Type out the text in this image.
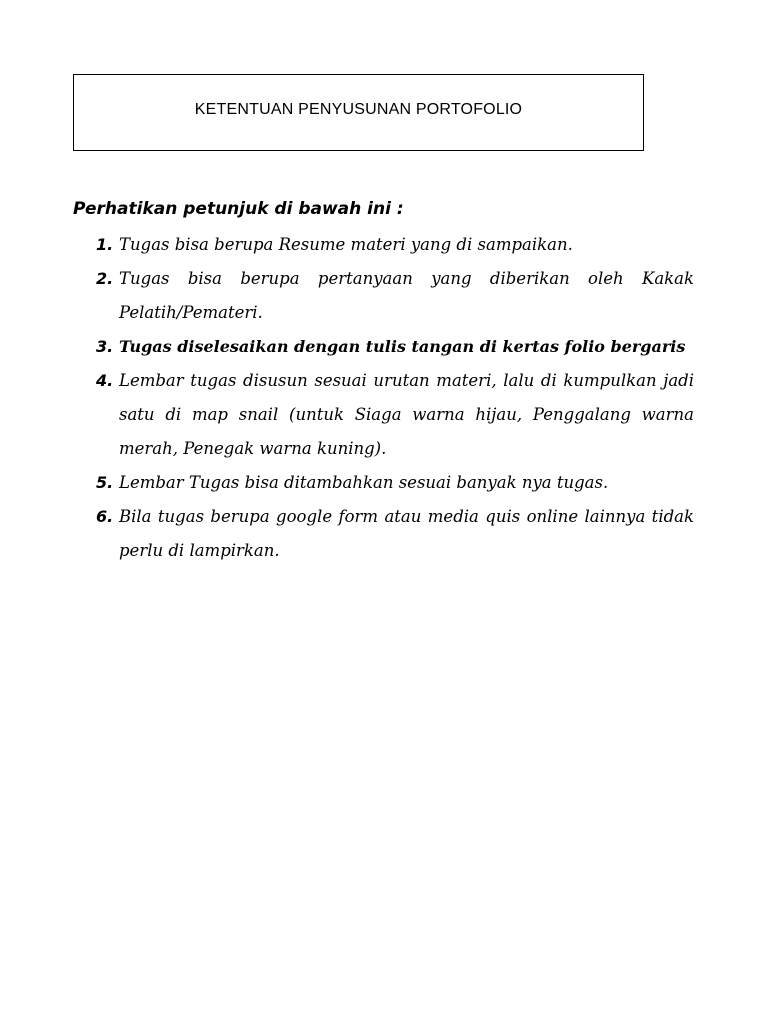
KETENTUAN PENYUSUNAN PORTOFOLIO
Perhatikan petunjuk di bawah ini :
1. Tugas bisa berupa Resume materi yang di sampaikan.
2. Tugas bisa berupa pertanyaan yang diberikan oleh Kakak Pelatih/Pemateri.
3. Tugas diselesaikan dengan tulis tangan di kertas folio bergaris
4. Lembar tugas disusun sesuai urutan materi, lalu di kumpulkan jadi satu di map snail (untuk Siaga warna hijau, Penggalang warna merah, Penegak warna kuning).
5. Lembar Tugas bisa ditambahkan sesuai banyak nya tugas.
6. Bila tugas berupa google form atau media quis online lainnya tidak perlu di lampirkan.
